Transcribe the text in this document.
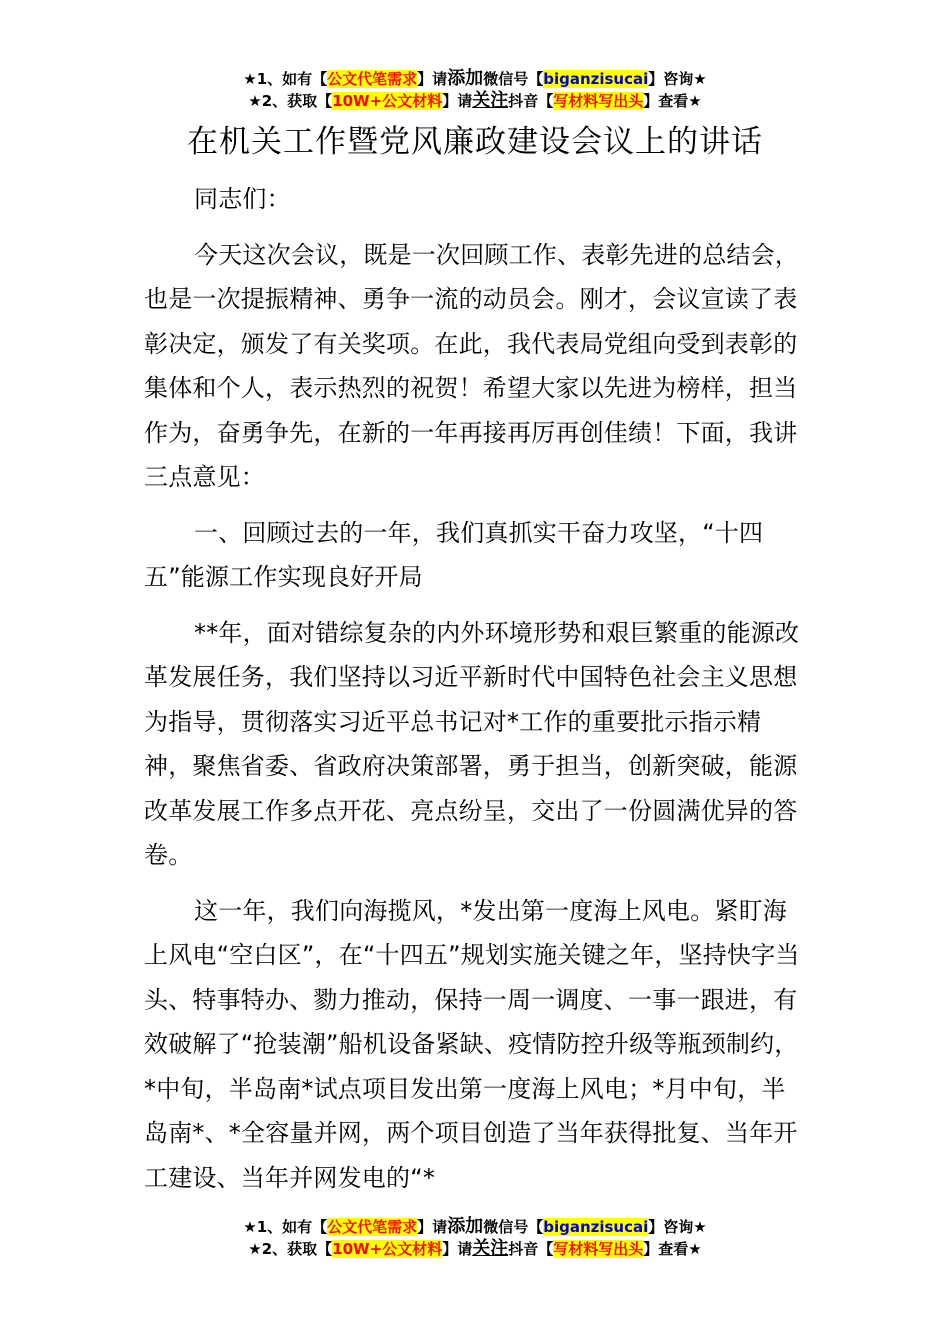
★1、如有【公文代笔需求】请添加微信号【biganzisucai】咨询★
★2、获取【10W+公文材料】请关注抖音【写材料写出头】查看★
在机关工作暨党风廉政建设会议上的讲话

同志们：

今天这次会议，既是一次回顾工作、表彰先进的总结会，也是一次提振精神、勇争一流的动员会。刚才，会议宣读了表彰决定，颁发了有关奖项。在此，我代表局党组向受到表彰的集体和个人，表示热烈的祝贺！希望大家以先进为榜样，担当作为，奋勇争先，在新的一年再接再厉再创佳绩！下面，我讲三点意见：

一、回顾过去的一年，我们真抓实干奋力攻坚，“十四五”能源工作实现良好开局

**年，面对错综复杂的内外环境形势和艰巨繁重的能源改革发展任务，我们坚持以习近平新时代中国特色社会主义思想为指导，贯彻落实习近平总书记对*工作的重要批示指示精神，聚焦省委、省政府决策部署，勇于担当，创新突破，能源改革发展工作多点开花、亮点纷呈，交出了一份圆满优异的答卷。

这一年，我们向海揽风，*发出第一度海上风电。紧盯海上风电“空白区”，在“十四五”规划实施关键之年，坚持快字当头、特事特办、勠力推动，保持一周一调度、一事一跟进，有效破解了“抢装潮”船机设备紧缺、疫情防控升级等瓶颈制约，*中旬，半岛南*试点项目发出第一度海上风电；*月中旬，半岛南*、*全容量并网，两个项目创造了当年获得批复、当年开工建设、当年并网发电的“*

★1、如有【公文代笔需求】请添加微信号【biganzisucai】咨询★
★2、获取【10W+公文材料】请关注抖音【写材料写出头】查看★
